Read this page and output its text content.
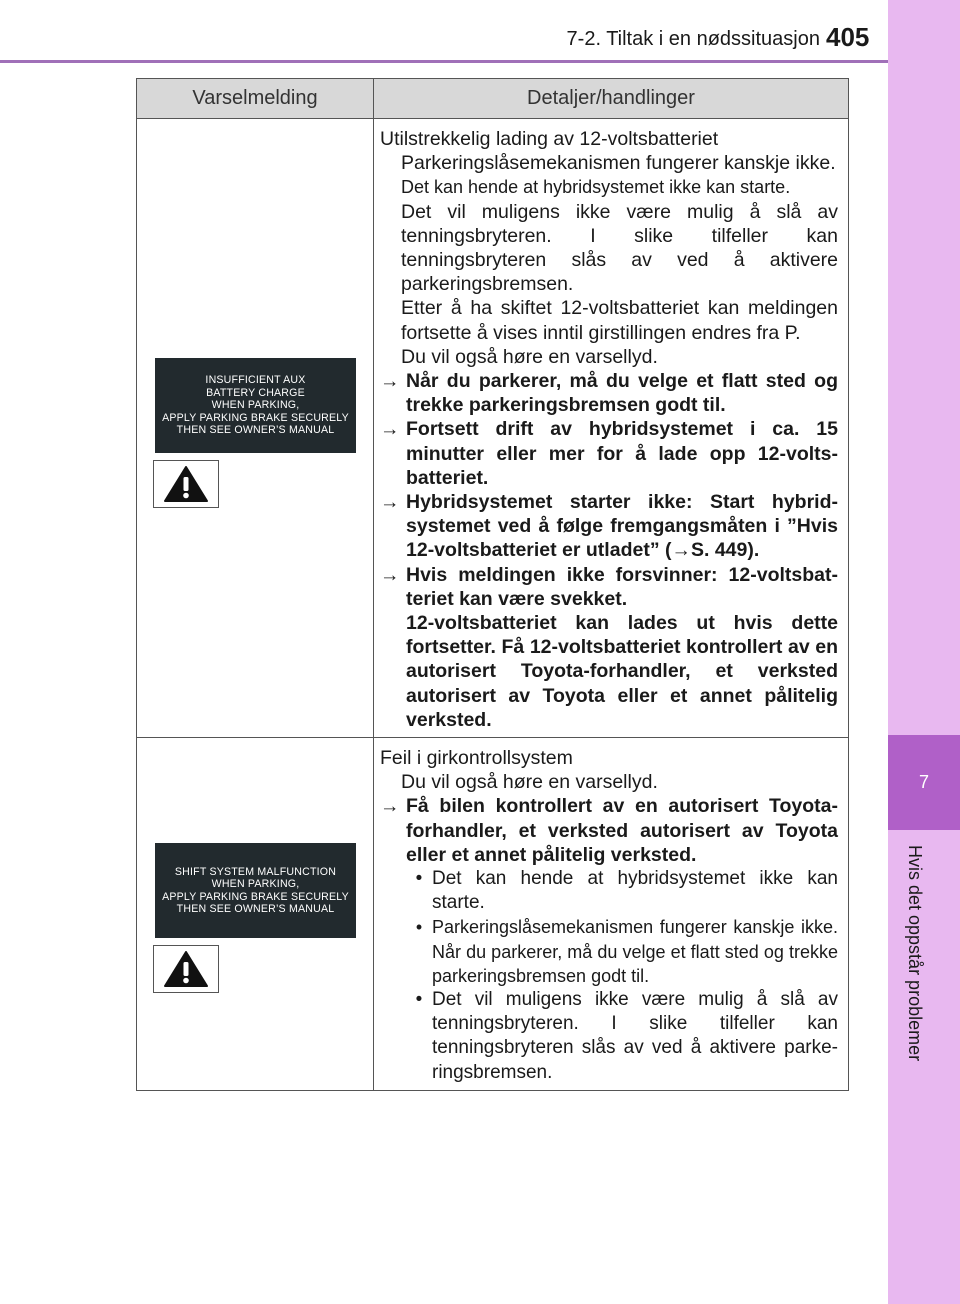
7-2. Tiltak i en nødssituasjon 405
7
Hvis det oppstår problemer
Varselmelding	Detaljer/handlinger
INSUFFICIENT AUX
BATTERY CHARGE
WHEN PARKING,
APPLY PARKING BRAKE SECURELY
THEN SEE OWNER’S MANUAL
Utilstrekkelig lading av 12-voltsbatteriet
Parkeringslåsemekanismen fungerer kanskje ikke.
Det kan hende at hybridsystemet ikke kan starte.
Det vil muligens ikke være mulig å slå av tenningsbryteren. I slike tilfeller kan tenningsbryteren slås av ved å aktivere parkeringsbremsen.
Etter å ha skiftet 12-voltsbatteriet kan meldingen fortsette å vises inntil girstillingen endres fra P.
Du vil også høre en varsellyd.
→ Når du parkerer, må du velge et flatt sted og trekke parkeringsbremsen godt til.
→ Fortsett drift av hybridsystemet i ca. 15 minutter eller mer for å lade opp 12-volts-batteriet.
→ Hybridsystemet starter ikke: Start hybrid-systemet ved å følge fremgangsmåten i ”Hvis 12-voltsbatteriet er utladet” (→S. 449).
→ Hvis meldingen ikke forsvinner: 12-voltsbat-teriet kan være svekket.
12-voltsbatteriet kan lades ut hvis dette fortsetter. Få 12-voltsbatteriet kontrollert av en autorisert Toyota-forhandler, et verksted autorisert av Toyota eller et annet pålitelig verksted.
SHIFT SYSTEM MALFUNCTION
WHEN PARKING,
APPLY PARKING BRAKE SECURELY
THEN SEE OWNER’S MANUAL
Feil i girkontrollsystem
Du vil også høre en varsellyd.
→ Få bilen kontrollert av en autorisert Toyota-forhandler, et verksted autorisert av Toyota eller et annet pålitelig verksted.
• Det kan hende at hybridsystemet ikke kan starte.
• Parkeringslåsemekanismen fungerer kanskje ikke. Når du parkerer, må du velge et flatt sted og trekke parkeringsbremsen godt til.
• Det vil muligens ikke være mulig å slå av tenningsbryteren. I slike tilfeller kan tenningsbryteren slås av ved å aktivere parke-ringsbremsen.
